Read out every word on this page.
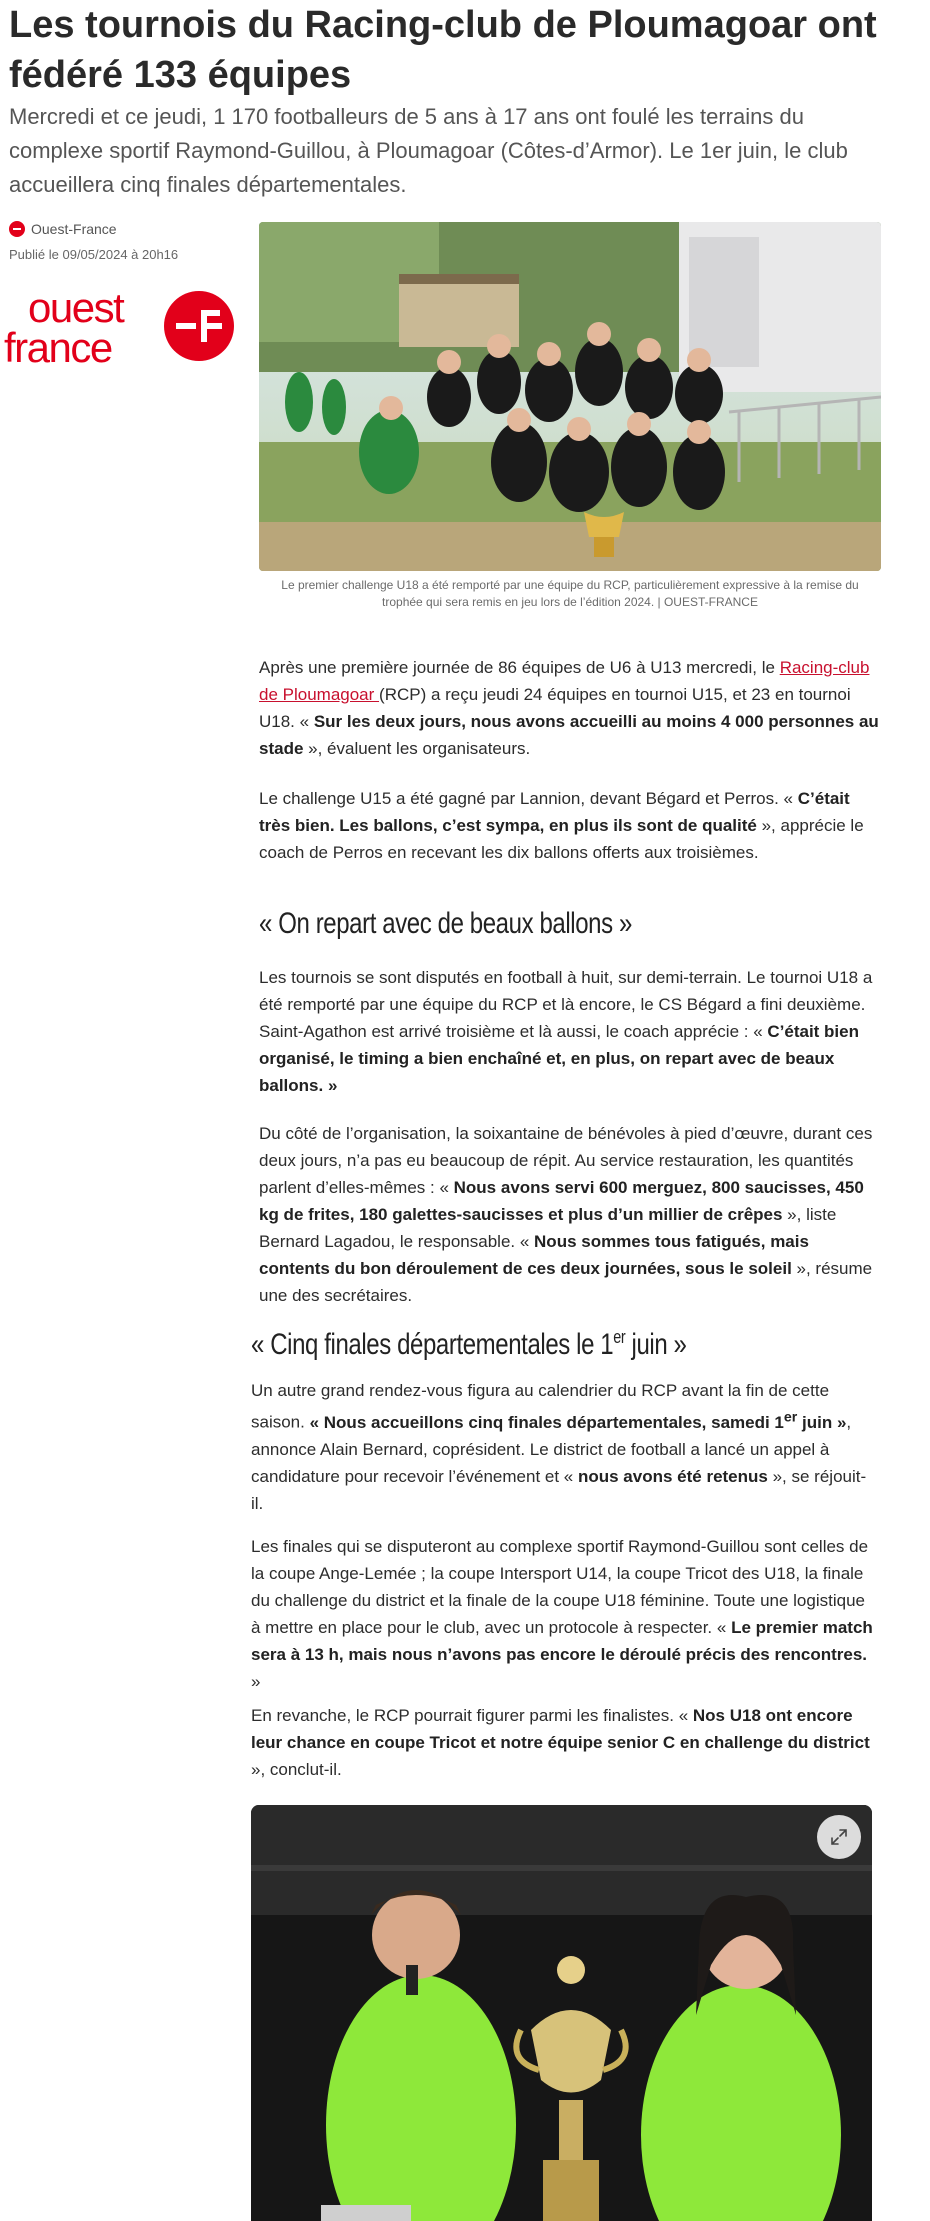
Les tournois du Racing-club de Ploumagoar ont fédéré 133 équipes

Mercredi et ce jeudi, 1 170 footballeurs de 5 ans à 17 ans ont foulé les terrains du complexe sportif Raymond-Guillou, à Ploumagoar (Côtes-d’Armor). Le 1er juin, le club accueillera cinq finales départementales.

Ouest-France
Publié le 09/05/2024 à 20h16
ouest
france

Le premier challenge U18 a été remporté par une équipe du RCP, particulièrement expressive à la remise du trophée qui sera remis en jeu lors de l’édition 2024. | OUEST-FRANCE

Après une première journée de 86 équipes de U6 à U13 mercredi, le Racing-club de Ploumagoar (RCP) a reçu jeudi 24 équipes en tournoi U15, et 23 en tournoi U18. « Sur les deux jours, nous avons accueilli au moins 4 000 personnes au stade », évaluent les organisateurs.

Le challenge U15 a été gagné par Lannion, devant Bégard et Perros. « C’était très bien. Les ballons, c’est sympa, en plus ils sont de qualité », apprécie le coach de Perros en recevant les dix ballons offerts aux troisièmes.

« On repart avec de beaux ballons »

Les tournois se sont disputés en football à huit, sur demi-terrain. Le tournoi U18 a été remporté par une équipe du RCP et là encore, le CS Bégard a fini deuxième. Saint-Agathon est arrivé troisième et là aussi, le coach apprécie : « C’était bien organisé, le timing a bien enchaîné et, en plus, on repart avec de beaux ballons. »

Du côté de l’organisation, la soixantaine de bénévoles à pied d’œuvre, durant ces deux jours, n’a pas eu beaucoup de répit. Au service restauration, les quantités parlent d’elles-mêmes : « Nous avons servi 600 merguez, 800 saucisses, 450 kg de frites, 180 galettes-saucisses et plus d’un millier de crêpes », liste Bernard Lagadou, le responsable. « Nous sommes tous fatigués, mais contents du bon déroulement de ces deux journées, sous le soleil », résume une des secrétaires.

« Cinq finales départementales le 1er juin »

Un autre grand rendez-vous figura au calendrier du RCP avant la fin de cette saison. « Nous accueillons cinq finales départementales, samedi 1er juin », annonce Alain Bernard, coprésident. Le district de football a lancé un appel à candidature pour recevoir l’événement et « nous avons été retenus », se réjouit-il.

Les finales qui se disputeront au complexe sportif Raymond-Guillou sont celles de la coupe Ange-Lemée ; la coupe Intersport U14, la coupe Tricot des U18, la finale du challenge du district et la finale de la coupe U18 féminine. Toute une logistique à mettre en place pour le club, avec un protocole à respecter. « Le premier match sera à 13 h, mais nous n’avons pas encore le déroulé précis des rencontres. »

En revanche, le RCP pourrait figurer parmi les finalistes. « Nos U18 ont encore leur chance en coupe Tricot et notre équipe senior C en challenge du district », conclut-il.
